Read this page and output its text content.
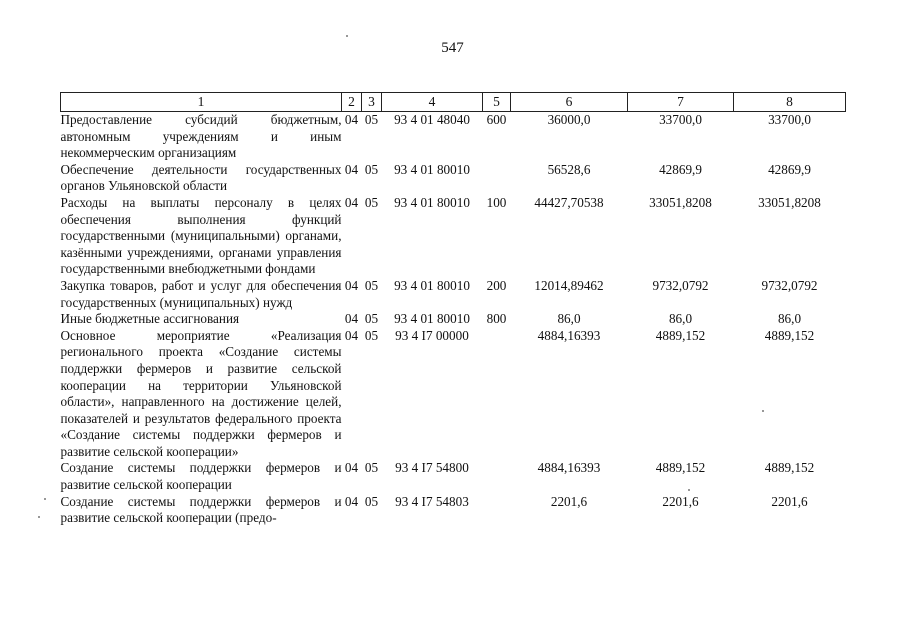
547
1	2	3	4	5	6	7	8
Предоставление субсидий бюджетным, автономным учреждениям и иным некоммерческим организациям	04	05	93 4 01 48040	600	36000,0	33700,0	33700,0
Обеспечение деятельности государственных органов Ульяновской области	04	05	93 4 01 80010		56528,6	42869,9	42869,9
Расходы на выплаты персоналу в целях обеспечения выполнения функций государственными (муниципальными) органами, казёнными учреждениями, органами управления государственными внебюджетными фондами	04	05	93 4 01 80010	100	44427,70538	33051,8208	33051,8208
Закупка товаров, работ и услуг для обеспечения государственных (муниципальных) нужд	04	05	93 4 01 80010	200	12014,89462	9732,0792	9732,0792
Иные бюджетные ассигнования	04	05	93 4 01 80010	800	86,0	86,0	86,0
Основное мероприятие «Реализация регионального проекта «Создание системы поддержки фермеров и развитие сельской кооперации на территории Ульяновской области», направленного на достижение целей, показателей и результатов федерального проекта «Создание системы поддержки фермеров и развитие сельской кооперации»	04	05	93 4 I7 00000		4884,16393	4889,152	4889,152
Создание системы поддержки фермеров и развитие сельской кооперации	04	05	93 4 I7 54800		4884,16393	4889,152	4889,152
Создание системы поддержки фермеров и развитие сельской кооперации (предо-	04	05	93 4 I7 54803		2201,6	2201,6	2201,6
